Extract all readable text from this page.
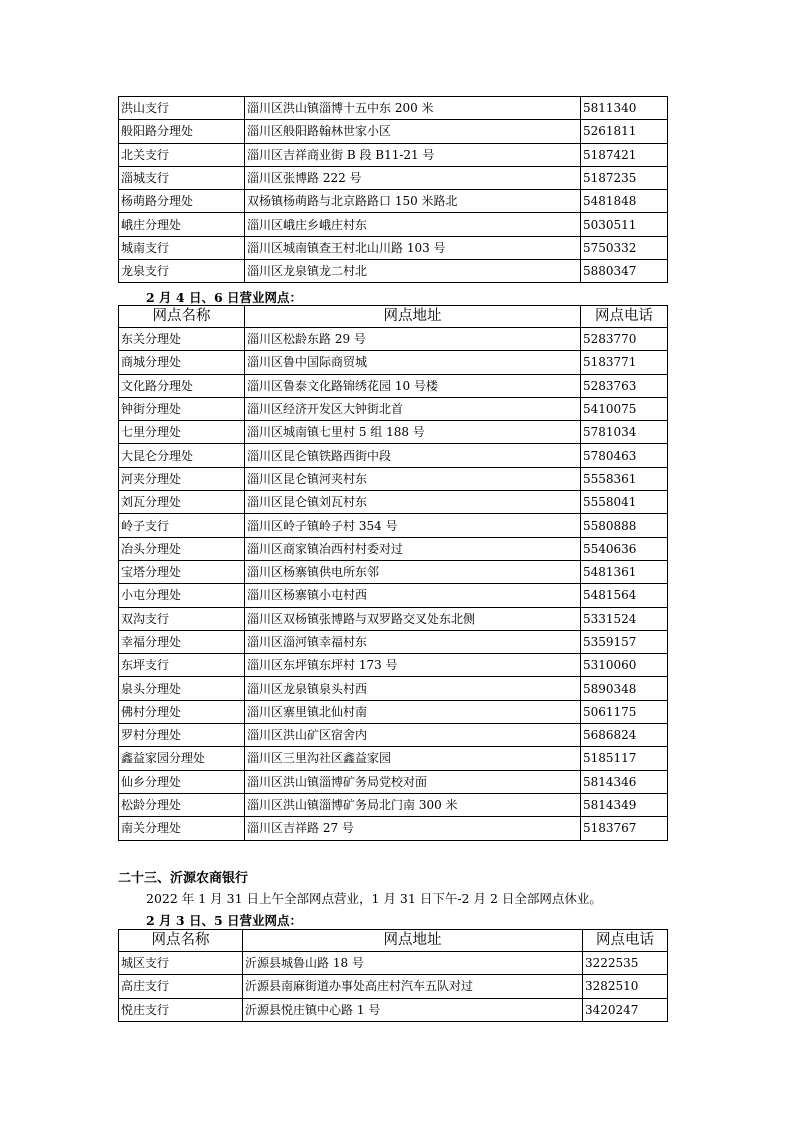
洪山支行	淄川区洪山镇淄博十五中东 200 米	5811340
般阳路分理处	淄川区般阳路翰林世家小区	5261811
北关支行	淄川区吉祥商业街 B 段 B11-21 号	5187421
淄城支行	淄川区张博路 222 号	5187235
杨萌路分理处	双杨镇杨萌路与北京路路口 150 米路北	5481848
峨庄分理处	淄川区峨庄乡峨庄村东	5030511
城南支行	淄川区城南镇查王村北山川路 103 号	5750332
龙泉支行	淄川区龙泉镇龙二村北	5880347
2 月 4 日、6 日营业网点：
网点名称	网点地址	网点电话
东关分理处	淄川区松龄东路 29 号	5283770
商城分理处	淄川区鲁中国际商贸城	5183771
文化路分理处	淄川区鲁泰文化路锦绣花园 10 号楼	5283763
钟街分理处	淄川区经济开发区大钟街北首	5410075
七里分理处	淄川区城南镇七里村 5 组 188 号	5781034
大昆仑分理处	淄川区昆仑镇铁路西街中段	5780463
河夹分理处	淄川区昆仑镇河夹村东	5558361
刘瓦分理处	淄川区昆仑镇刘瓦村东	5558041
岭子支行	淄川区岭子镇岭子村 354 号	5580888
冶头分理处	淄川区商家镇冶西村村委对过	5540636
宝塔分理处	淄川区杨寨镇供电所东邻	5481361
小屯分理处	淄川区杨寨镇小屯村西	5481564
双沟支行	淄川区双杨镇张博路与双罗路交叉处东北侧	5331524
幸福分理处	淄川区淄河镇幸福村东	5359157
东坪支行	淄川区东坪镇东坪村 173 号	5310060
泉头分理处	淄川区龙泉镇泉头村西	5890348
佛村分理处	淄川区寨里镇北仙村南	5061175
罗村分理处	淄川区洪山矿区宿舍内	5686824
鑫益家园分理处	淄川区三里沟社区鑫益家园	5185117
仙乡分理处	淄川区洪山镇淄博矿务局党校对面	5814346
松龄分理处	淄川区洪山镇淄博矿务局北门南 300 米	5814349
南关分理处	淄川区吉祥路 27 号	5183767
二十三、沂源农商银行
2022 年 1 月 31 日上午全部网点营业，1 月 31 日下午-2 月 2 日全部网点休业。
2 月 3 日、5 日营业网点：
网点名称	网点地址	网点电话
城区支行	沂源县城鲁山路 18 号	3222535
高庄支行	沂源县南麻街道办事处高庄村汽车五队对过	3282510
悦庄支行	沂源县悦庄镇中心路 1 号	3420247
